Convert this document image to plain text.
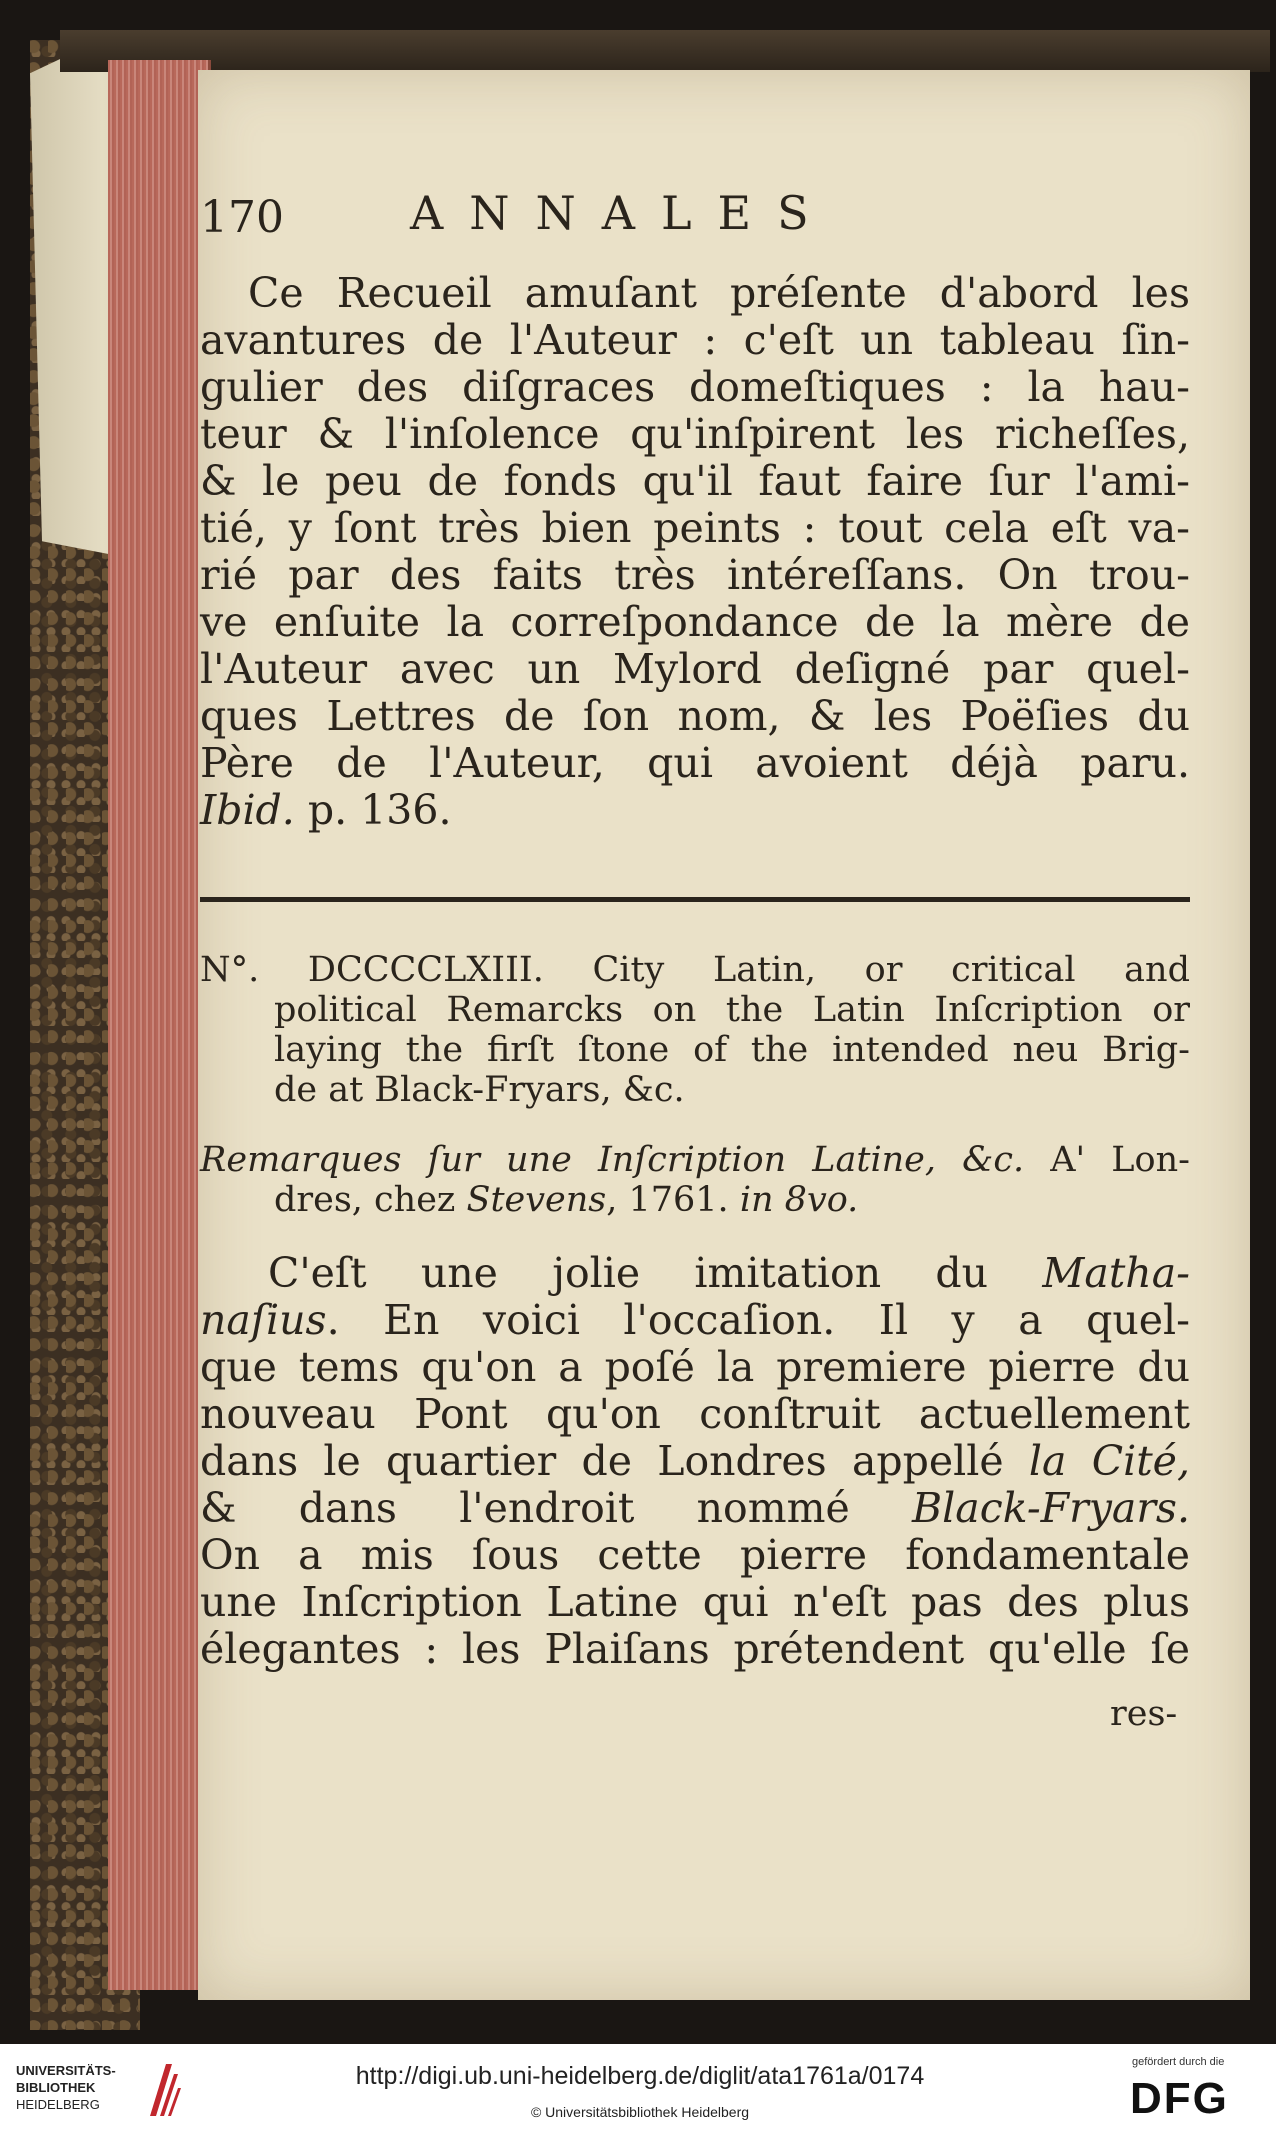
170	ANNALES
Ce Recueil amuſant préſente d'abord les
avantures de l'Auteur : c'eſt un tableau ſin-
gulier des diſgraces domeſtiques : la hau-
teur & l'inſolence qu'inſpirent les richeſſes,
& le peu de fonds qu'il faut faire ſur l'ami-
tié, y ſont très bien peints : tout cela eſt va-
rié par des faits très intéreſſans. On trou-
ve enſuite la correſpondance de la mère de
l'Auteur avec un Mylord deſigné par quel-
ques Lettres de ſon nom, & les Poëſies du
Père de l'Auteur, qui avoient déjà paru.
Ibid. p. 136.
N°. DCCCCLXIII. City Latin, or critical and
political Remarcks on the Latin Inſcription or
laying the firſt ſtone of the intended neu Brig-
de at Black-Fryars, &c.
Remarques ſur une Inſcription Latine, &c. A' Lon-
dres, chez Stevens, 1761. in 8vo.
C'eſt une jolie imitation du Matha-
naſius. En voici l'occaſion. Il y a quel-
que tems qu'on a poſé la premiere pierre du
nouveau Pont qu'on conſtruit actuellement
dans le quartier de Londres appellé la Cité,
& dans l'endroit nommé Black-Fryars.
On a mis ſous cette pierre fondamentale
une Inſcription Latine qui n'eſt pas des plus
élegantes : les Plaiſans prétendent qu'elle ſe
res-
UNIVERSITÄTS-
BIBLIOTHEK
HEIDELBERG
http://digi.ub.uni-heidelberg.de/diglit/ata1761a/0174
© Universitätsbibliothek Heidelberg
gefördert durch die
DFG
